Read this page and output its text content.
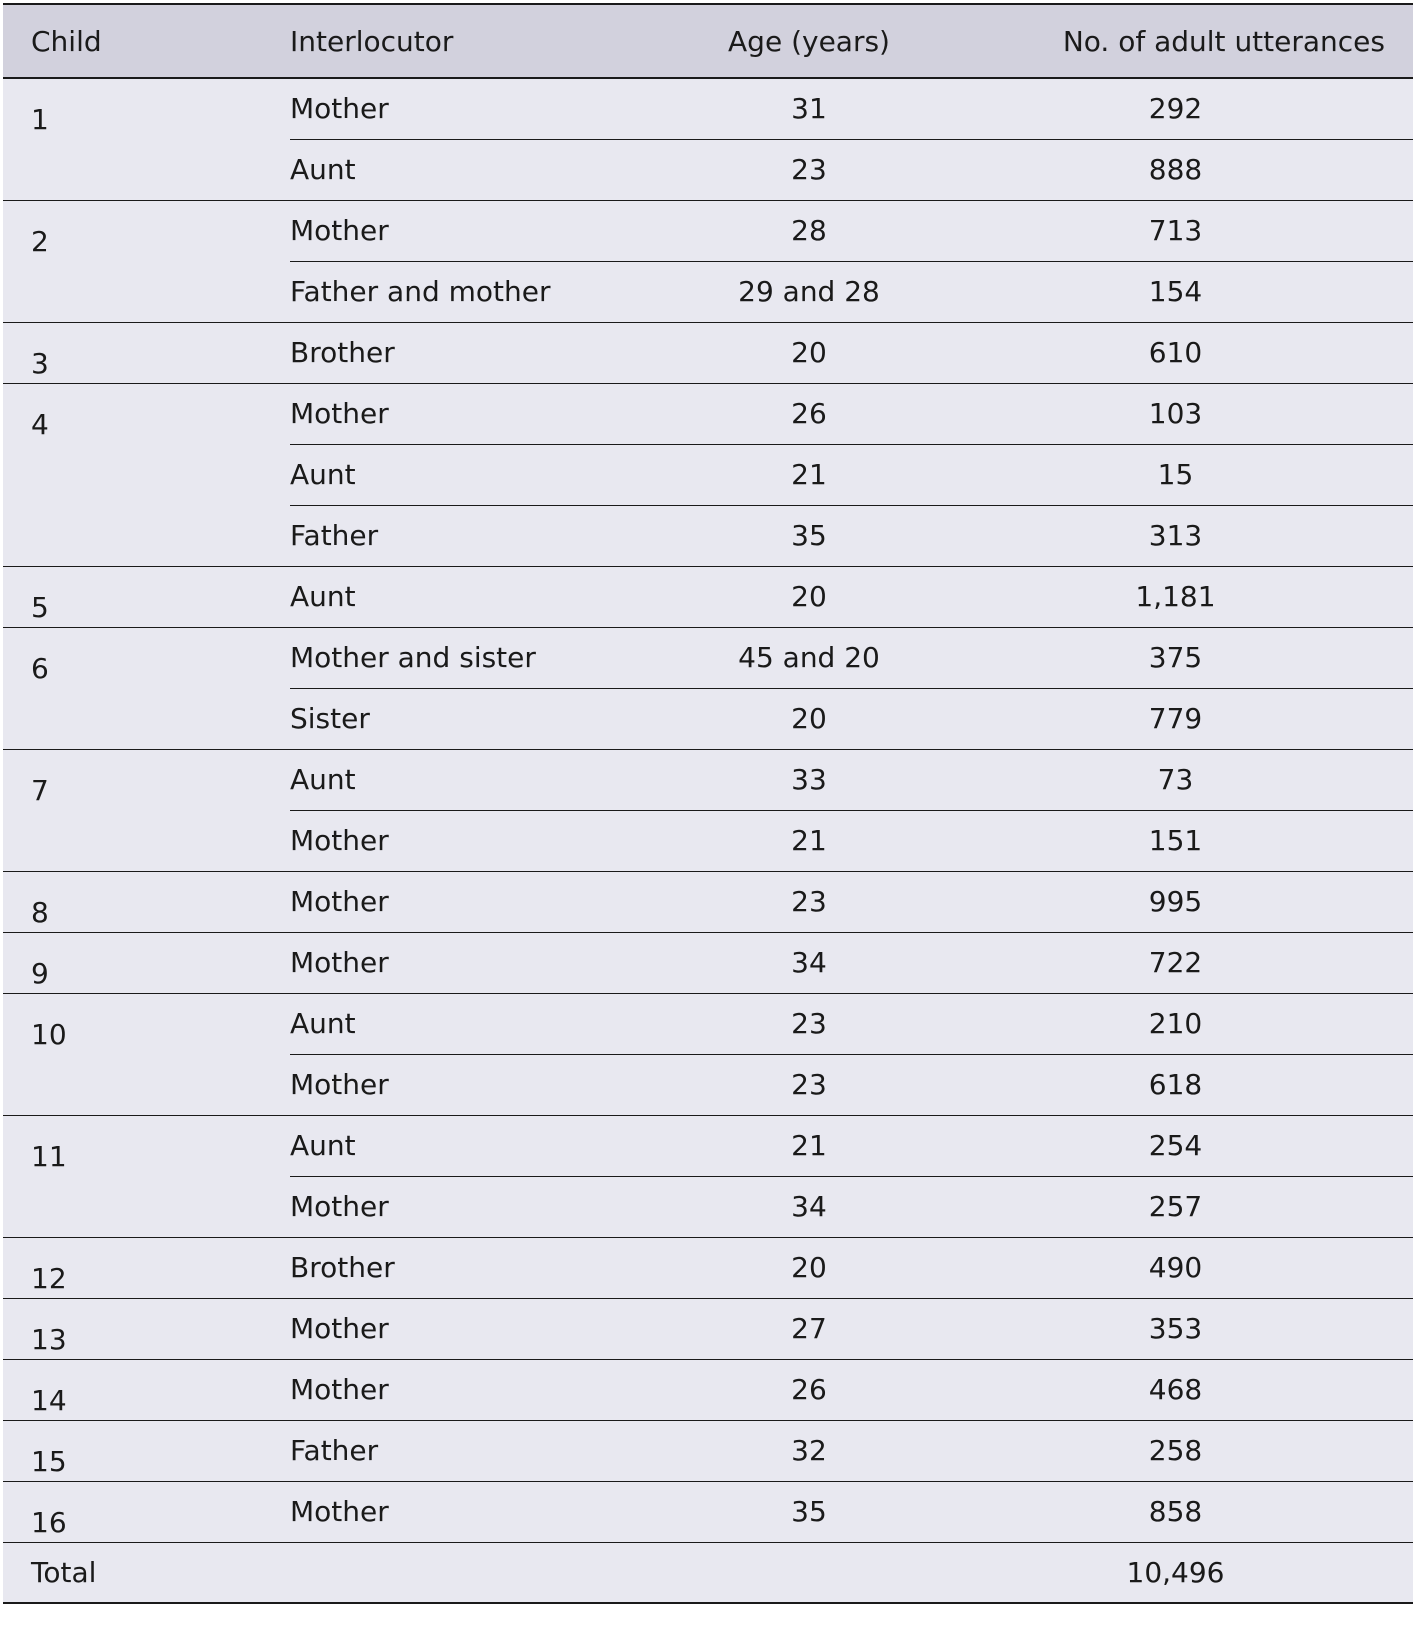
Child	Interlocutor	Age (years)	No. of adult utterances
1	Mother	31	292
	Aunt	23	888
2	Mother	28	713
	Father and mother	29 and 28	154
3	Brother	20	610
4	Mother	26	103
	Aunt	21	15
	Father	35	313
5	Aunt	20	1,181
6	Mother and sister	45 and 20	375
	Sister	20	779
7	Aunt	33	73
	Mother	21	151
8	Mother	23	995
9	Mother	34	722
10	Aunt	23	210
	Mother	23	618
11	Aunt	21	254
	Mother	34	257
12	Brother	20	490
13	Mother	27	353
14	Mother	26	468
15	Father	32	258
16	Mother	35	858
Total			10,496
